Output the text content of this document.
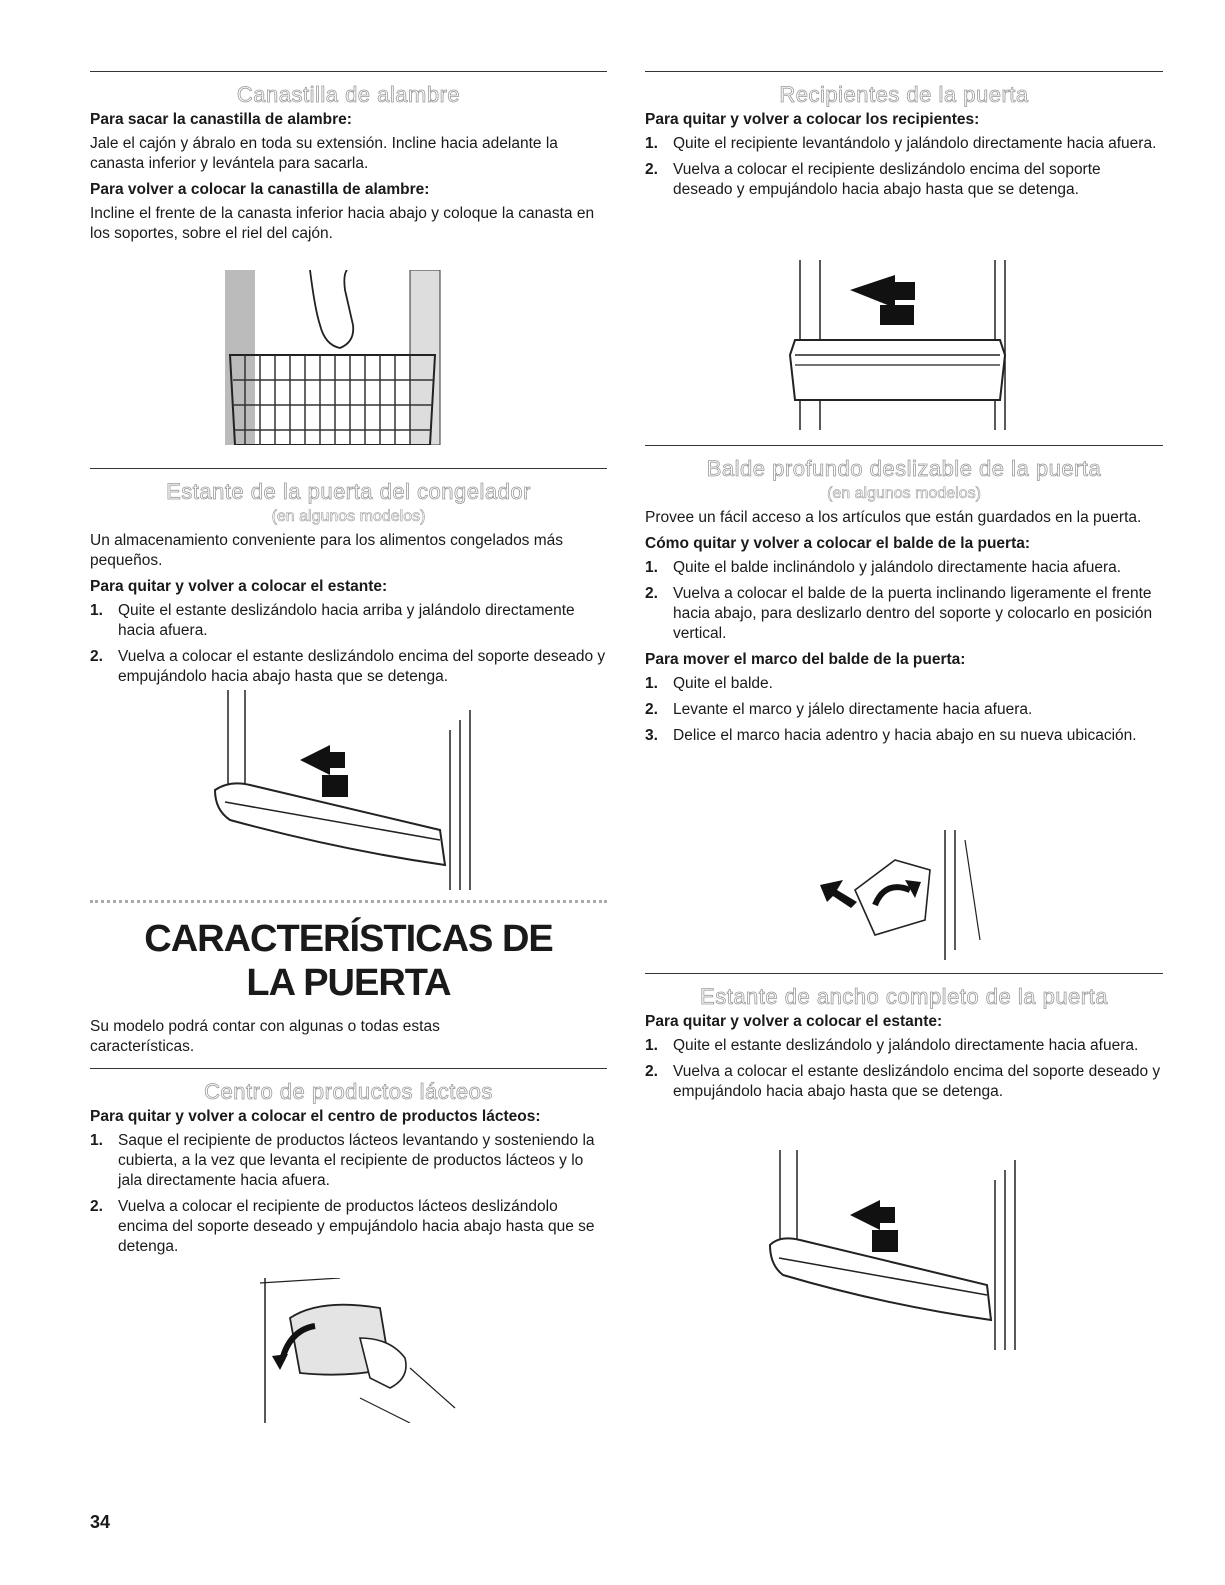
Canastilla de alambre
Para sacar la canastilla de alambre:
Jale el cajón y ábralo en toda su extensión. Incline hacia adelante la canasta inferior y levántela para sacarla.
Para volver a colocar la canastilla de alambre:
Incline el frente de la canasta inferior hacia abajo y coloque la canasta en los soportes, sobre el riel del cajón.
Estante de la puerta del congelador
(en algunos modelos)
Un almacenamiento conveniente para los alimentos congelados más pequeños.
Para quitar y volver a colocar el estante:
1. Quite el estante deslizándolo hacia arriba y jalándolo directamente hacia afuera.
2. Vuelva a colocar el estante deslizándolo encima del soporte deseado y empujándolo hacia abajo hasta que se detenga.
CARACTERÍSTICAS DE
LA PUERTA
Su modelo podrá contar con algunas o todas estas características.
Centro de productos lácteos
Para quitar y volver a colocar el centro de productos lácteos:
1. Saque el recipiente de productos lácteos levantando y sosteniendo la cubierta, a la vez que levanta el recipiente de productos lácteos y lo jala directamente hacia afuera.
2. Vuelva a colocar el recipiente de productos lácteos deslizándolo encima del soporte deseado y empujándolo hacia abajo hasta que se detenga.
Recipientes de la puerta
Para quitar y volver a colocar los recipientes:
1. Quite el recipiente levantándolo y jalándolo directamente hacia afuera.
2. Vuelva a colocar el recipiente deslizándolo encima del soporte deseado y empujándolo hacia abajo hasta que se detenga.
Balde profundo deslizable de la puerta
(en algunos modelos)
Provee un fácil acceso a los artículos que están guardados en la puerta.
Cómo quitar y volver a colocar el balde de la puerta:
1. Quite el balde inclinándolo y jalándolo directamente hacia afuera.
2. Vuelva a colocar el balde de la puerta inclinando ligeramente el frente hacia abajo, para deslizarlo dentro del soporte y colocarlo en posición vertical.
Para mover el marco del balde de la puerta:
1. Quite el balde.
2. Levante el marco y jálelo directamente hacia afuera.
3. Delice el marco hacia adentro y hacia abajo en su nueva ubicación.
Estante de ancho completo de la puerta
Para quitar y volver a colocar el estante:
1. Quite el estante deslizándolo y jalándolo directamente hacia afuera.
2. Vuelva a colocar el estante deslizándolo encima del soporte deseado y empujándolo hacia abajo hasta que se detenga.
34
